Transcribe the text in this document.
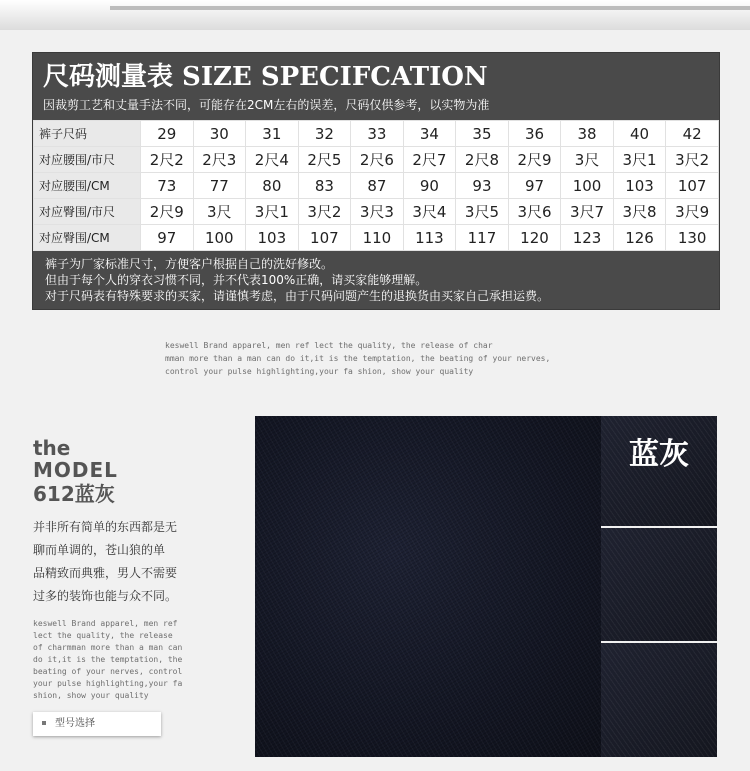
尺码测量表 SIZE SPECIFCATION
因裁剪工艺和丈量手法不同，可能存在2CM左右的误差，尺码仅供参考，以实物为准
裤子尺码	29	30	31	32	33	34	35	36	38	40	42
对应腰围/市尺	2尺2	2尺3	2尺4	2尺5	2尺6	2尺7	2尺8	2尺9	3尺	3尺1	3尺2
对应腰围/CM	73	77	80	83	87	90	93	97	100	103	107
对应臀围/市尺	2尺9	3尺	3尺1	3尺2	3尺3	3尺4	3尺5	3尺6	3尺7	3尺8	3尺9
对应臀围/CM	97	100	103	107	110	113	117	120	123	126	130
裤子为厂家标准尺寸，方便客户根据自己的洗好修改。
但由于每个人的穿衣习惯不同，并不代表100%正确，请买家能够理解。
对于尺码表有特殊要求的买家，请谨慎考虑，由于尺码问题产生的退换货由买家自己承担运费。
keswell Brand apparel, men ref lect the quality, the release of char
mman more than a man can do it,it is the temptation, the beating of your nerves,
control your pulse highlighting,your fa shion, show your quality
the
MODEL
612蓝灰
并非所有简单的东西都是无
聊而单调的，苍山狼的单
品精致而典雅，男人不需要
过多的装饰也能与众不同。
keswell Brand apparel, men ref
lect the quality, the release
of charmman more than a man can
do it,it is the temptation, the
beating of your nerves, control
your pulse highlighting,your fa
shion, show your quality
型号选择
蓝灰
